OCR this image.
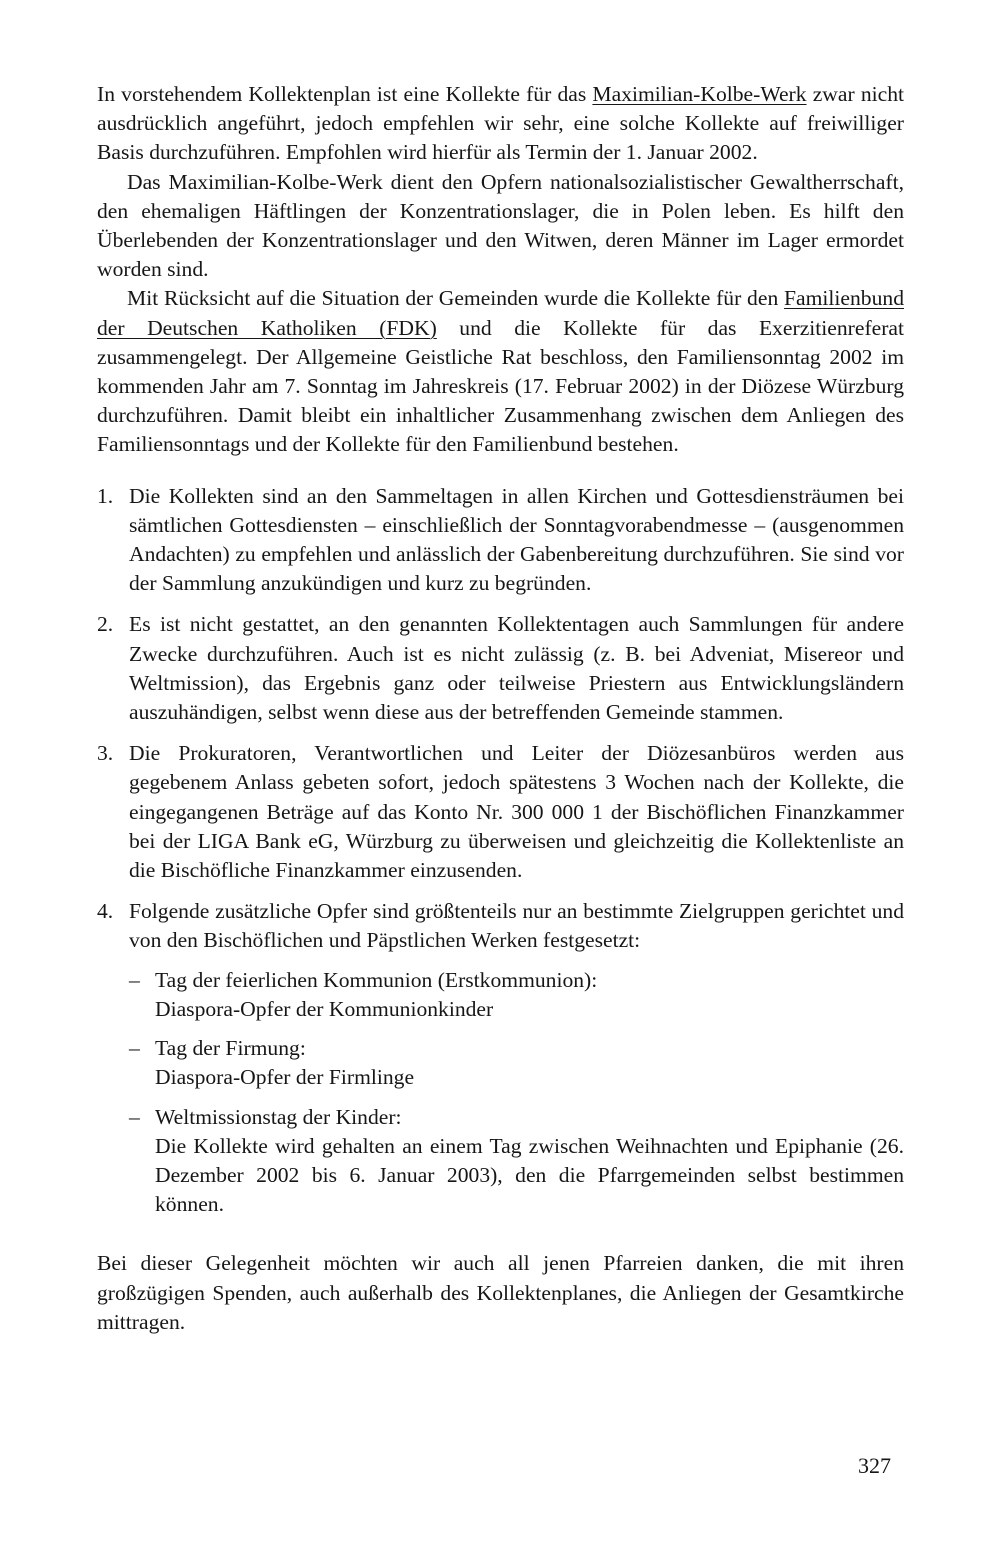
In vorstehendem Kollektenplan ist eine Kollekte für das Maximilian-Kolbe-Werk zwar nicht ausdrücklich angeführt, jedoch empfehlen wir sehr, eine solche Kollekte auf freiwilliger Basis durchzuführen. Empfohlen wird hierfür als Termin der 1. Januar 2002.

Das Maximilian-Kolbe-Werk dient den Opfern nationalsozialistischer Gewaltherrschaft, den ehemaligen Häftlingen der Konzentrationslager, die in Polen leben. Es hilft den Überlebenden der Konzentrationslager und den Witwen, deren Männer im Lager ermordet worden sind.

Mit Rücksicht auf die Situation der Gemeinden wurde die Kollekte für den Familienbund der Deutschen Katholiken (FDK) und die Kollekte für das Exerzitienreferat zusammengelegt. Der Allgemeine Geistliche Rat beschloss, den Familiensonntag 2002 im kommenden Jahr am 7. Sonntag im Jahreskreis (17. Februar 2002) in der Diözese Würzburg durchzuführen. Damit bleibt ein inhaltlicher Zusammenhang zwischen dem Anliegen des Familiensonntags und der Kollekte für den Familienbund bestehen.

1. Die Kollekten sind an den Sammeltagen in allen Kirchen und Gottesdiensträumen bei sämtlichen Gottesdiensten – einschließlich der Sonntagvorabendmesse – (ausgenommen Andachten) zu empfehlen und anlässlich der Gabenbereitung durchzuführen. Sie sind vor der Sammlung anzukündigen und kurz zu begründen.
2. Es ist nicht gestattet, an den genannten Kollektentagen auch Sammlungen für andere Zwecke durchzuführen. Auch ist es nicht zulässig (z. B. bei Adveniat, Misereor und Weltmission), das Ergebnis ganz oder teilweise Priestern aus Entwicklungsländern auszuhändigen, selbst wenn diese aus der betreffenden Gemeinde stammen.
3. Die Prokuratoren, Verantwortlichen und Leiter der Diözesanbüros werden aus gegebenem Anlass gebeten sofort, jedoch spätestens 3 Wochen nach der Kollekte, die eingegangenen Beträge auf das Konto Nr. 300 000 1 der Bischöflichen Finanzkammer bei der LIGA Bank eG, Würzburg zu überweisen und gleichzeitig die Kollektenliste an die Bischöfliche Finanzkammer einzusenden.
4. Folgende zusätzliche Opfer sind größtenteils nur an bestimmte Zielgruppen gerichtet und von den Bischöflichen und Päpstlichen Werken festgesetzt:
– Tag der feierlichen Kommunion (Erstkommunion):
Diaspora-Opfer der Kommunionkinder
– Tag der Firmung:
Diaspora-Opfer der Firmlinge
– Weltmissionstag der Kinder:
Die Kollekte wird gehalten an einem Tag zwischen Weihnachten und Epiphanie (26. Dezember 2002 bis 6. Januar 2003), den die Pfarrgemeinden selbst bestimmen können.

Bei dieser Gelegenheit möchten wir auch all jenen Pfarreien danken, die mit ihren großzügigen Spenden, auch außerhalb des Kollektenplanes, die Anliegen der Gesamtkirche mittragen.

327
